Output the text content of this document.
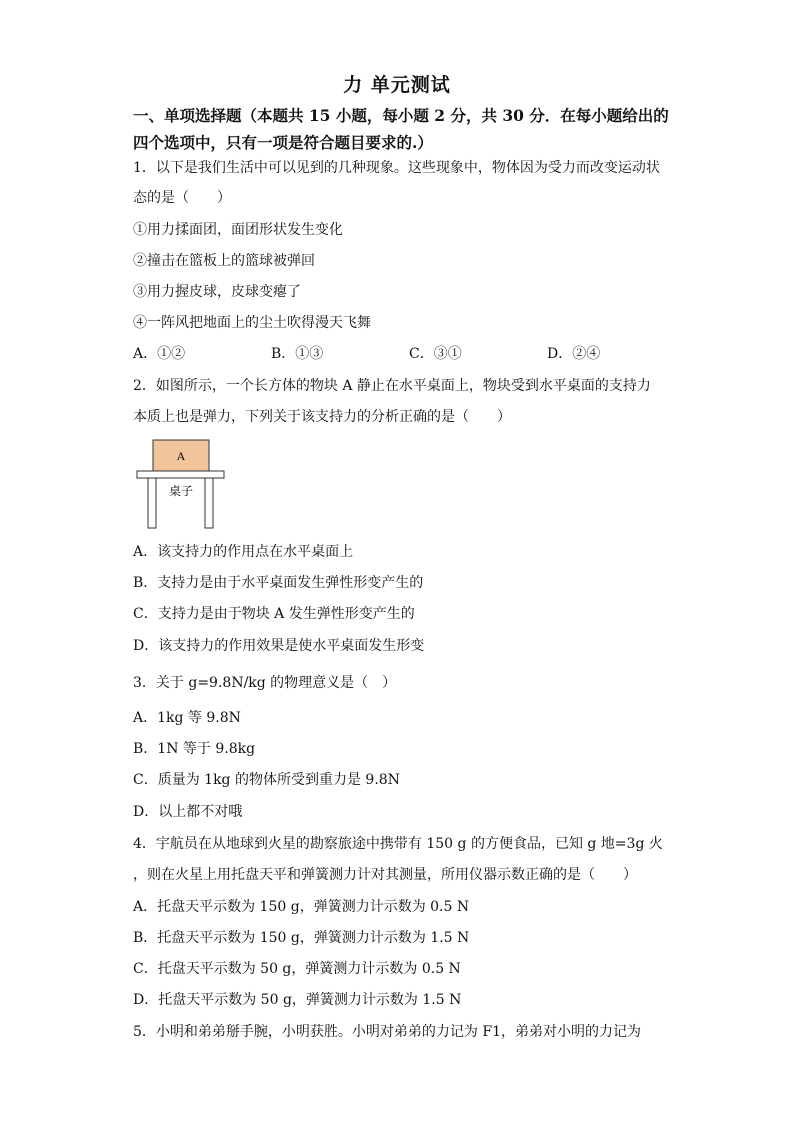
力 单元测试
一、单项选择题（本题共 15 小题，每小题 2 分，共 30 分．在每小题给出的
四个选项中，只有一项是符合题目要求的.）
1．以下是我们生活中可以见到的几种现象。这些现象中，物体因为受力而改变运动状
态的是（　　）
①用力揉面团，面团形状发生变化
②撞击在篮板上的篮球被弹回
③用力握皮球，皮球变瘪了
④一阵风把地面上的尘土吹得漫天飞舞
A．①②	B．①③	C．③①	D．②④
2．如图所示，一个长方体的物块 A 静止在水平桌面上，物块受到水平桌面的支持力
本质上也是弹力，下列关于该支持力的分析正确的是（　　）
A
桌子
A．该支持力的作用点在水平桌面上
B．支持力是由于水平桌面发生弹性形变产生的
C．支持力是由于物块 A 发生弹性形变产生的
D．该支持力的作用效果是使水平桌面发生形变
3．关于 g=9.8N/kg 的物理意义是（　）
A．1kg 等 9.8N
B．1N 等于 9.8kg
C．质量为 1kg 的物体所受到重力是 9.8N
D．以上都不对哦
4．宇航员在从地球到火星的勘察旅途中携带有 150 g 的方便食品，已知 g 地=3g 火
，则在火星上用托盘天平和弹簧测力计对其测量，所用仪器示数正确的是（　　）
A．托盘天平示数为 150 g，弹簧测力计示数为 0.5 N
B．托盘天平示数为 150 g，弹簧测力计示数为 1.5 N
C．托盘天平示数为 50 g，弹簧测力计示数为 0.5 N
D．托盘天平示数为 50 g，弹簧测力计示数为 1.5 N
5．小明和弟弟掰手腕，小明获胜。小明对弟弟的力记为 F1，弟弟对小明的力记为
